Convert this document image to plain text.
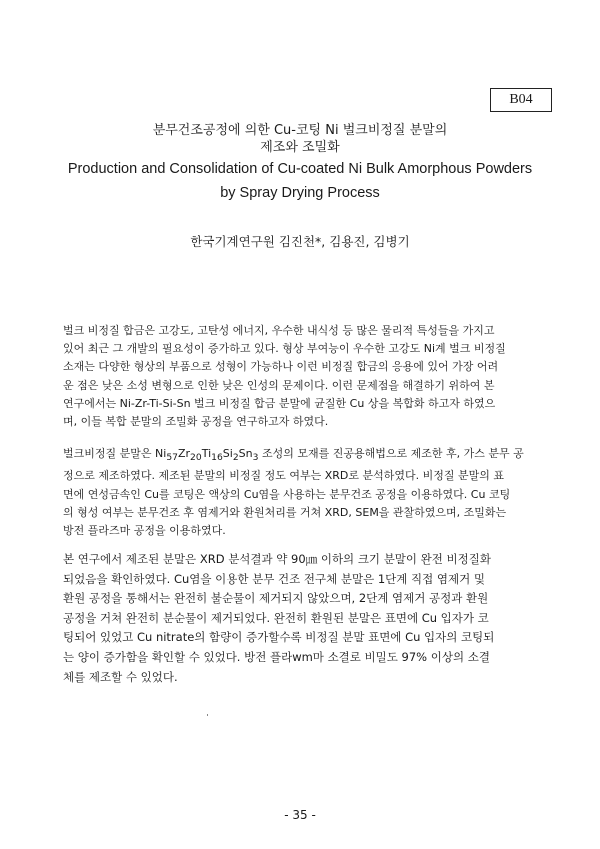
B04

분무건조공정에 의한 Cu-코팅 Ni 벌크비정질 분말의

제조와 조밀화

Production and Consolidation of Cu-coated Ni Bulk Amorphous Powders

by Spray Drying Process

한국기계연구원 김진천*, 김용진, 김병기

벌크 비정질 합금은 고강도, 고탄성 에너지, 우수한 내식성 등 많은 물리적 특성들을 가지고
있어 최근 그 개발의 필요성이 증가하고 있다. 형상 부여능이 우수한 고강도 Ni계 벌크 비정질
소재는 다양한 형상의 부품으로 성형이 가능하나 이런 비정질 합금의 응용에 있어 가장 어려
운 점은 낮은 소성 변형으로 인한 낮은 인성의 문제이다. 이런 문제점을 해결하기 위하여 본
연구에서는 Ni-Zr-Ti-Si-Sn 벌크 비정질 합금 분말에 균질한 Cu 상을 복합화 하고자 하였으
며, 이들 복합 분말의 조밀화 공정을 연구하고자 하였다.

벌크비정질 분말은 $Ni_{57}Zr_{20}Ti_{16}Si_2Sn_3$ 조성의 모재를 진공용해법으로 제조한 후, 가스 분무 공
정으로 제조하였다. 제조된 분말의 비정질 정도 여부는 XRD로 분석하였다. 비정질 분말의 표
면에 연성금속인 Cu를 코팅은 액상의 Cu염을 사용하는 분무건조 공정을 이용하였다. Cu 코팅
의 형성 여부는 분무건조 후 염제거와 환원처리를 거쳐 XRD, SEM을 관찰하였으며, 조밀화는
방전 플라즈마 공정을 이용하였다.

본 연구에서 제조된 분말은 XRD 분석결과 약 90㎛ 이하의 크기 분말이 완전 비정질화
되었음을 확인하였다. Cu염을 이용한 분무 건조 전구체 분말은 1단계 직접 염제거 및
환원 공정을 통해서는 완전히 불순물이 제거되지 않았으며, 2단계 염제거 공정과 환원
공정을 거쳐 완전히 분순물이 제거되었다. 완전히 환원된 분말은 표면에 Cu 입자가 코
팅되어 있었고 Cu nitrate의 함량이 증가할수록 비정질 분말 표면에 Cu 입자의 코팅되
는 양이 증가함을 확인할 수 있었다. 방전 플라wm마 소결로 비밀도 97% 이상의 소결
체를 제조할 수 있었다.

- 35 -
